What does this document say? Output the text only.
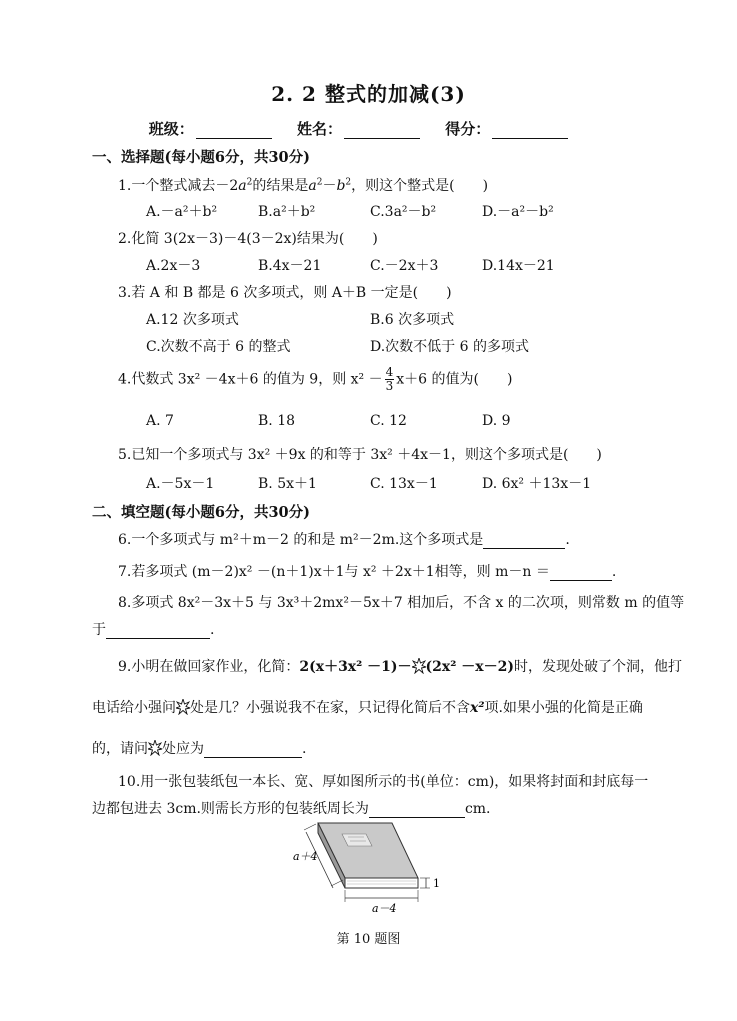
2. 2 整式的加减(3)
班级：	姓名：	得分：
一、选择题(每小题6分，共30分)
1.一个整式减去$-2a^2$的结果是$a^2-b^2$，则这个整式是(　　)
A.－a²＋b²	B.a²＋b²	C.3a²－b²	D.－a²－b²
2.化简 3(2x－3)－4(3－2x)结果为(　　)
A.2x－3	B.4x－21	C.－2x＋3	D.14x－21
3.若 A 和 B 都是 6 次多项式，则 A＋B 一定是(　　)
A.12 次多项式	B.6 次多项式
C.次数不高于 6 的整式	D.次数不低于 6 的多项式
4.代数式 3x² －4x＋6 的值为 9，则 $x^2 - \frac{4}{3} x+6$ 的值为(　　)
A. 7	B. 18	C. 12	D. 9
5.已知一个多项式与 3x² ＋9x 的和等于 3x² ＋4x－1，则这个多项式是(　　)
A.－5x－1	B. 5x＋1	C. 13x－1	D. 6x² ＋13x－1
二、填空题(每小题6分，共30分)
6.一个多项式与 m²＋m－2 的和是 m²－2m.这个多项式是	.
7.若多项式 (m－2)x² －(n＋1)x＋1与 x² ＋2x＋1相等，则 m－n ＝	.
8.多项式 8x²－3x＋5 与 3x³＋2mx²－5x＋7 相加后，不含 x 的二次项，则常数 m 的值等
于	.
9.小明在做回家作业，化简：2(x＋3x² －1)－ (2x² －x－2)时，发现处破了个洞，他打
电话给小强问 处是几？小强说我不在家，只记得化简后不含x²项.如果小强的化简是正确
的，请问 处应为	.
10.用一张包装纸包一本长、宽、厚如图所示的书(单位：cm)，如果将封面和封底每一
边都包进去 3cm.则需长方形的包装纸周长为	cm.
a＋4
a－4
1
第 10 题图
